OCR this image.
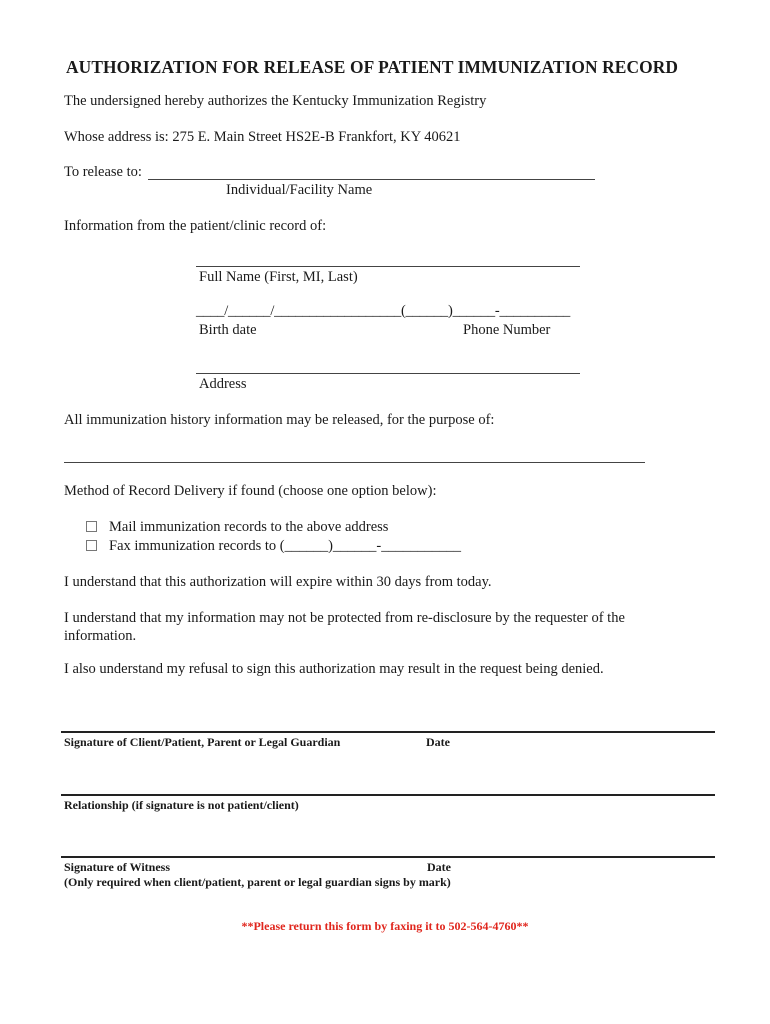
AUTHORIZATION FOR RELEASE OF PATIENT IMMUNIZATION RECORD
The undersigned hereby authorizes the Kentucky Immunization Registry
Whose address is: 275 E. Main Street HS2E-B Frankfort, KY 40621
To release to:
Individual/Facility Name
Information from the patient/clinic record of:
Full Name (First, MI, Last)
____/______/__________________(______)______-__________
Birth date	Phone Number
Address
All immunization history information may be released, for the purpose of:
Method of Record Delivery if found (choose one option below):
Mail immunization records to the above address
Fax immunization records to (______)______-___________
I understand that this authorization will expire within 30 days from today.
I understand that my information may not be protected from re-disclosure by the requester of the
information.
I also understand my refusal to sign this authorization may result in the request being denied.
Signature of Client/Patient, Parent or Legal Guardian	Date
Relationship (if signature is not patient/client)
Signature of Witness	Date
(Only required when client/patient, parent or legal guardian signs by mark)
**Please return this form by faxing it to 502-564-4760**
